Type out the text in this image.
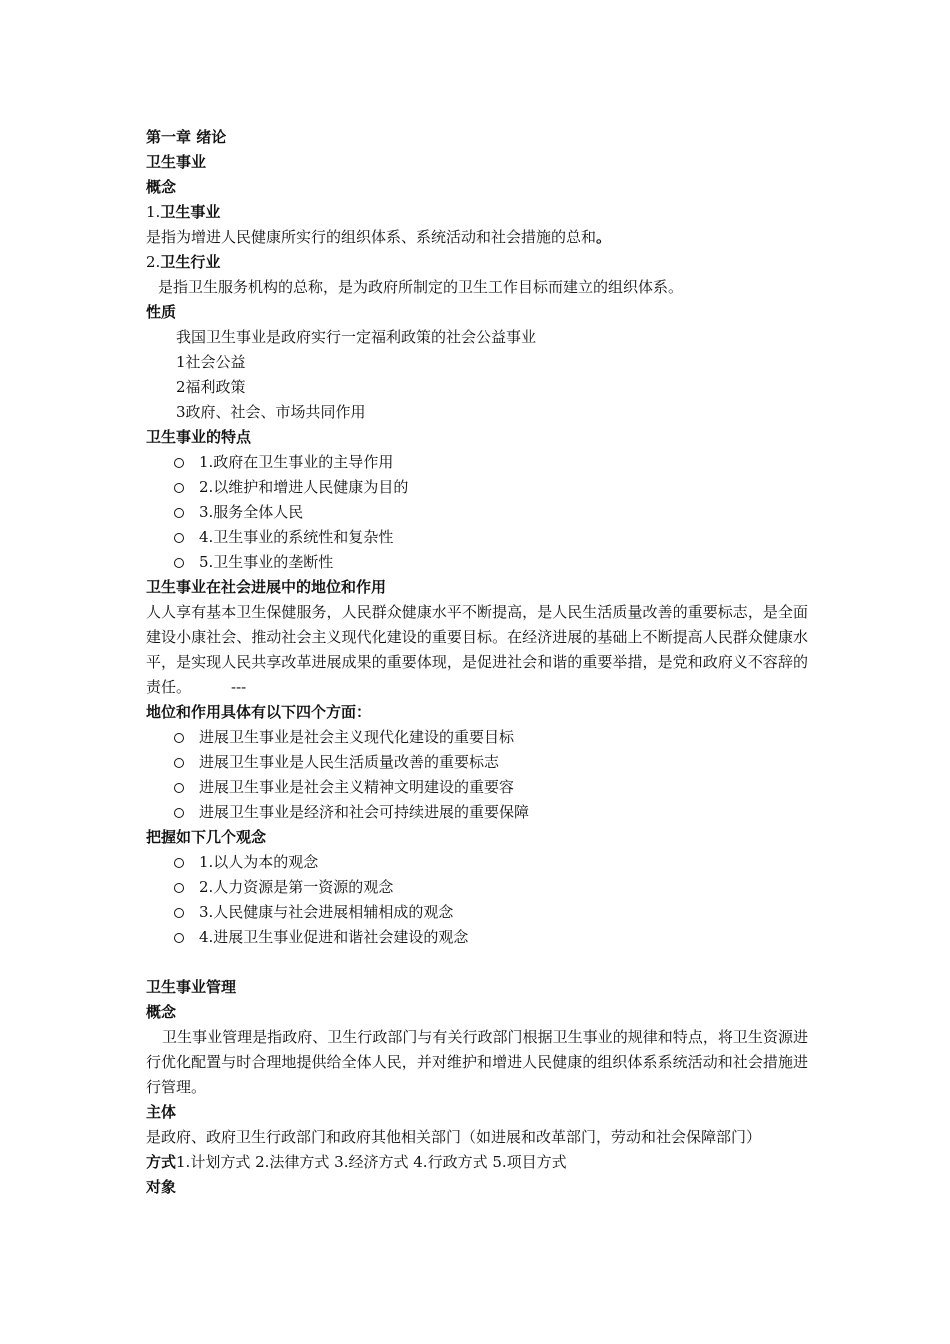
第一章 绪论
卫生事业
概念
1.卫生事业
是指为增进人民健康所实行的组织体系、系统活动和社会措施的总和。
2.卫生行业
是指卫生服务机构的总称，是为政府所制定的卫生工作目标而建立的组织体系。
性质
我国卫生事业是政府实行一定福利政策的社会公益事业
1社会公益
2福利政策
3政府、社会、市场共同作用
卫生事业的特点
1.政府在卫生事业的主导作用
2.以维护和增进人民健康为目的
3.服务全体人民
4.卫生事业的系统性和复杂性
5.卫生事业的垄断性
卫生事业在社会进展中的地位和作用
人人享有基本卫生保健服务，人民群众健康水平不断提高，是人民生活质量改善的重要标志，是全面建设小康社会、推动社会主义现代化建设的重要目标。在经济进展的基础上不断提高人民群众健康水平，是实现人民共享改革进展成果的重要体现，是促进社会和谐的重要举措，是党和政府义不容辞的责任。	---
地位和作用具体有以下四个方面：
进展卫生事业是社会主义现代化建设的重要目标
进展卫生事业是人民生活质量改善的重要标志
进展卫生事业是社会主义精神文明建设的重要容
进展卫生事业是经济和社会可持续进展的重要保障
把握如下几个观念
1.以人为本的观念
2.人力资源是第一资源的观念
3.人民健康与社会进展相辅相成的观念
4.进展卫生事业促进和谐社会建设的观念
卫生事业管理
概念
卫生事业管理是指政府、卫生行政部门与有关行政部门根据卫生事业的规律和特点，将卫生资源进行优化配置与时合理地提供给全体人民，并对维护和增进人民健康的组织体系系统活动和社会措施进行管理。
主体
是政府、政府卫生行政部门和政府其他相关部门（如进展和改革部门，劳动和社会保障部门）
方式1.计划方式 2.法律方式 3.经济方式 4.行政方式 5.项目方式
对象
